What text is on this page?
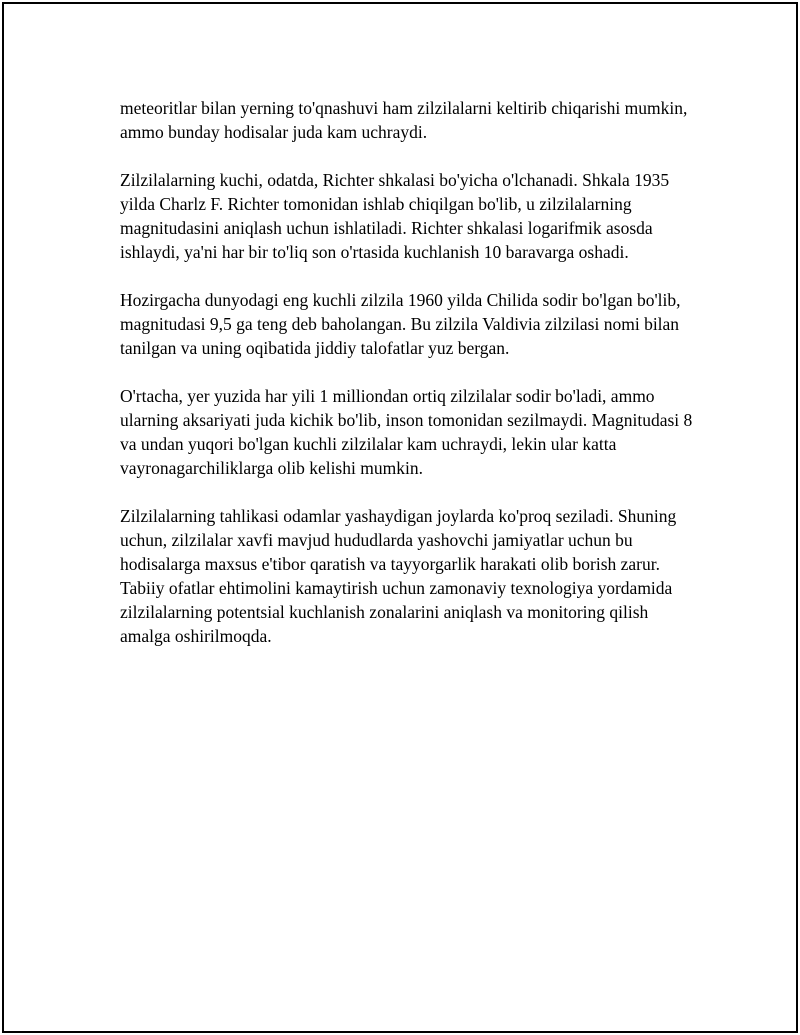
meteoritlar bilan yerning to'qnashuvi ham zilzilalarni keltirib chiqarishi mumkin, ammo bunday hodisalar juda kam uchraydi.

Zilzilalarning kuchi, odatda, Richter shkalasi bo'yicha o'lchanadi. Shkala 1935 yilda Charlz F. Richter tomonidan ishlab chiqilgan bo'lib, u zilzilalarning magnitudasini aniqlash uchun ishlatiladi. Richter shkalasi logarifmik asosda ishlaydi, ya'ni har bir to'liq son o'rtasida kuchlanish 10 baravarga oshadi.

Hozirgacha dunyodagi eng kuchli zilzila 1960 yilda Chilida sodir bo'lgan bo'lib, magnitudasi 9,5 ga teng deb baholangan. Bu zilzila Valdivia zilzilasi nomi bilan tanilgan va uning oqibatida jiddiy talofatlar yuz bergan.

O'rtacha, yer yuzida har yili 1 milliondan ortiq zilzilalar sodir bo'ladi, ammo ularning aksariyati juda kichik bo'lib, inson tomonidan sezilmaydi. Magnitudasi 8 va undan yuqori bo'lgan kuchli zilzilalar kam uchraydi, lekin ular katta vayronagarchiliklarga olib kelishi mumkin.

Zilzilalarning tahlikasi odamlar yashaydigan joylarda ko'proq seziladi. Shuning uchun, zilzilalar xavfi mavjud hududlarda yashovchi jamiyatlar uchun bu hodisalarga maxsus e'tibor qaratish va tayyorgarlik harakati olib borish zarur. Tabiiy ofatlar ehtimolini kamaytirish uchun zamonaviy texnologiya yordamida zilzilalarning potentsial kuchlanish zonalarini aniqlash va monitoring qilish amalga oshirilmoqda.
